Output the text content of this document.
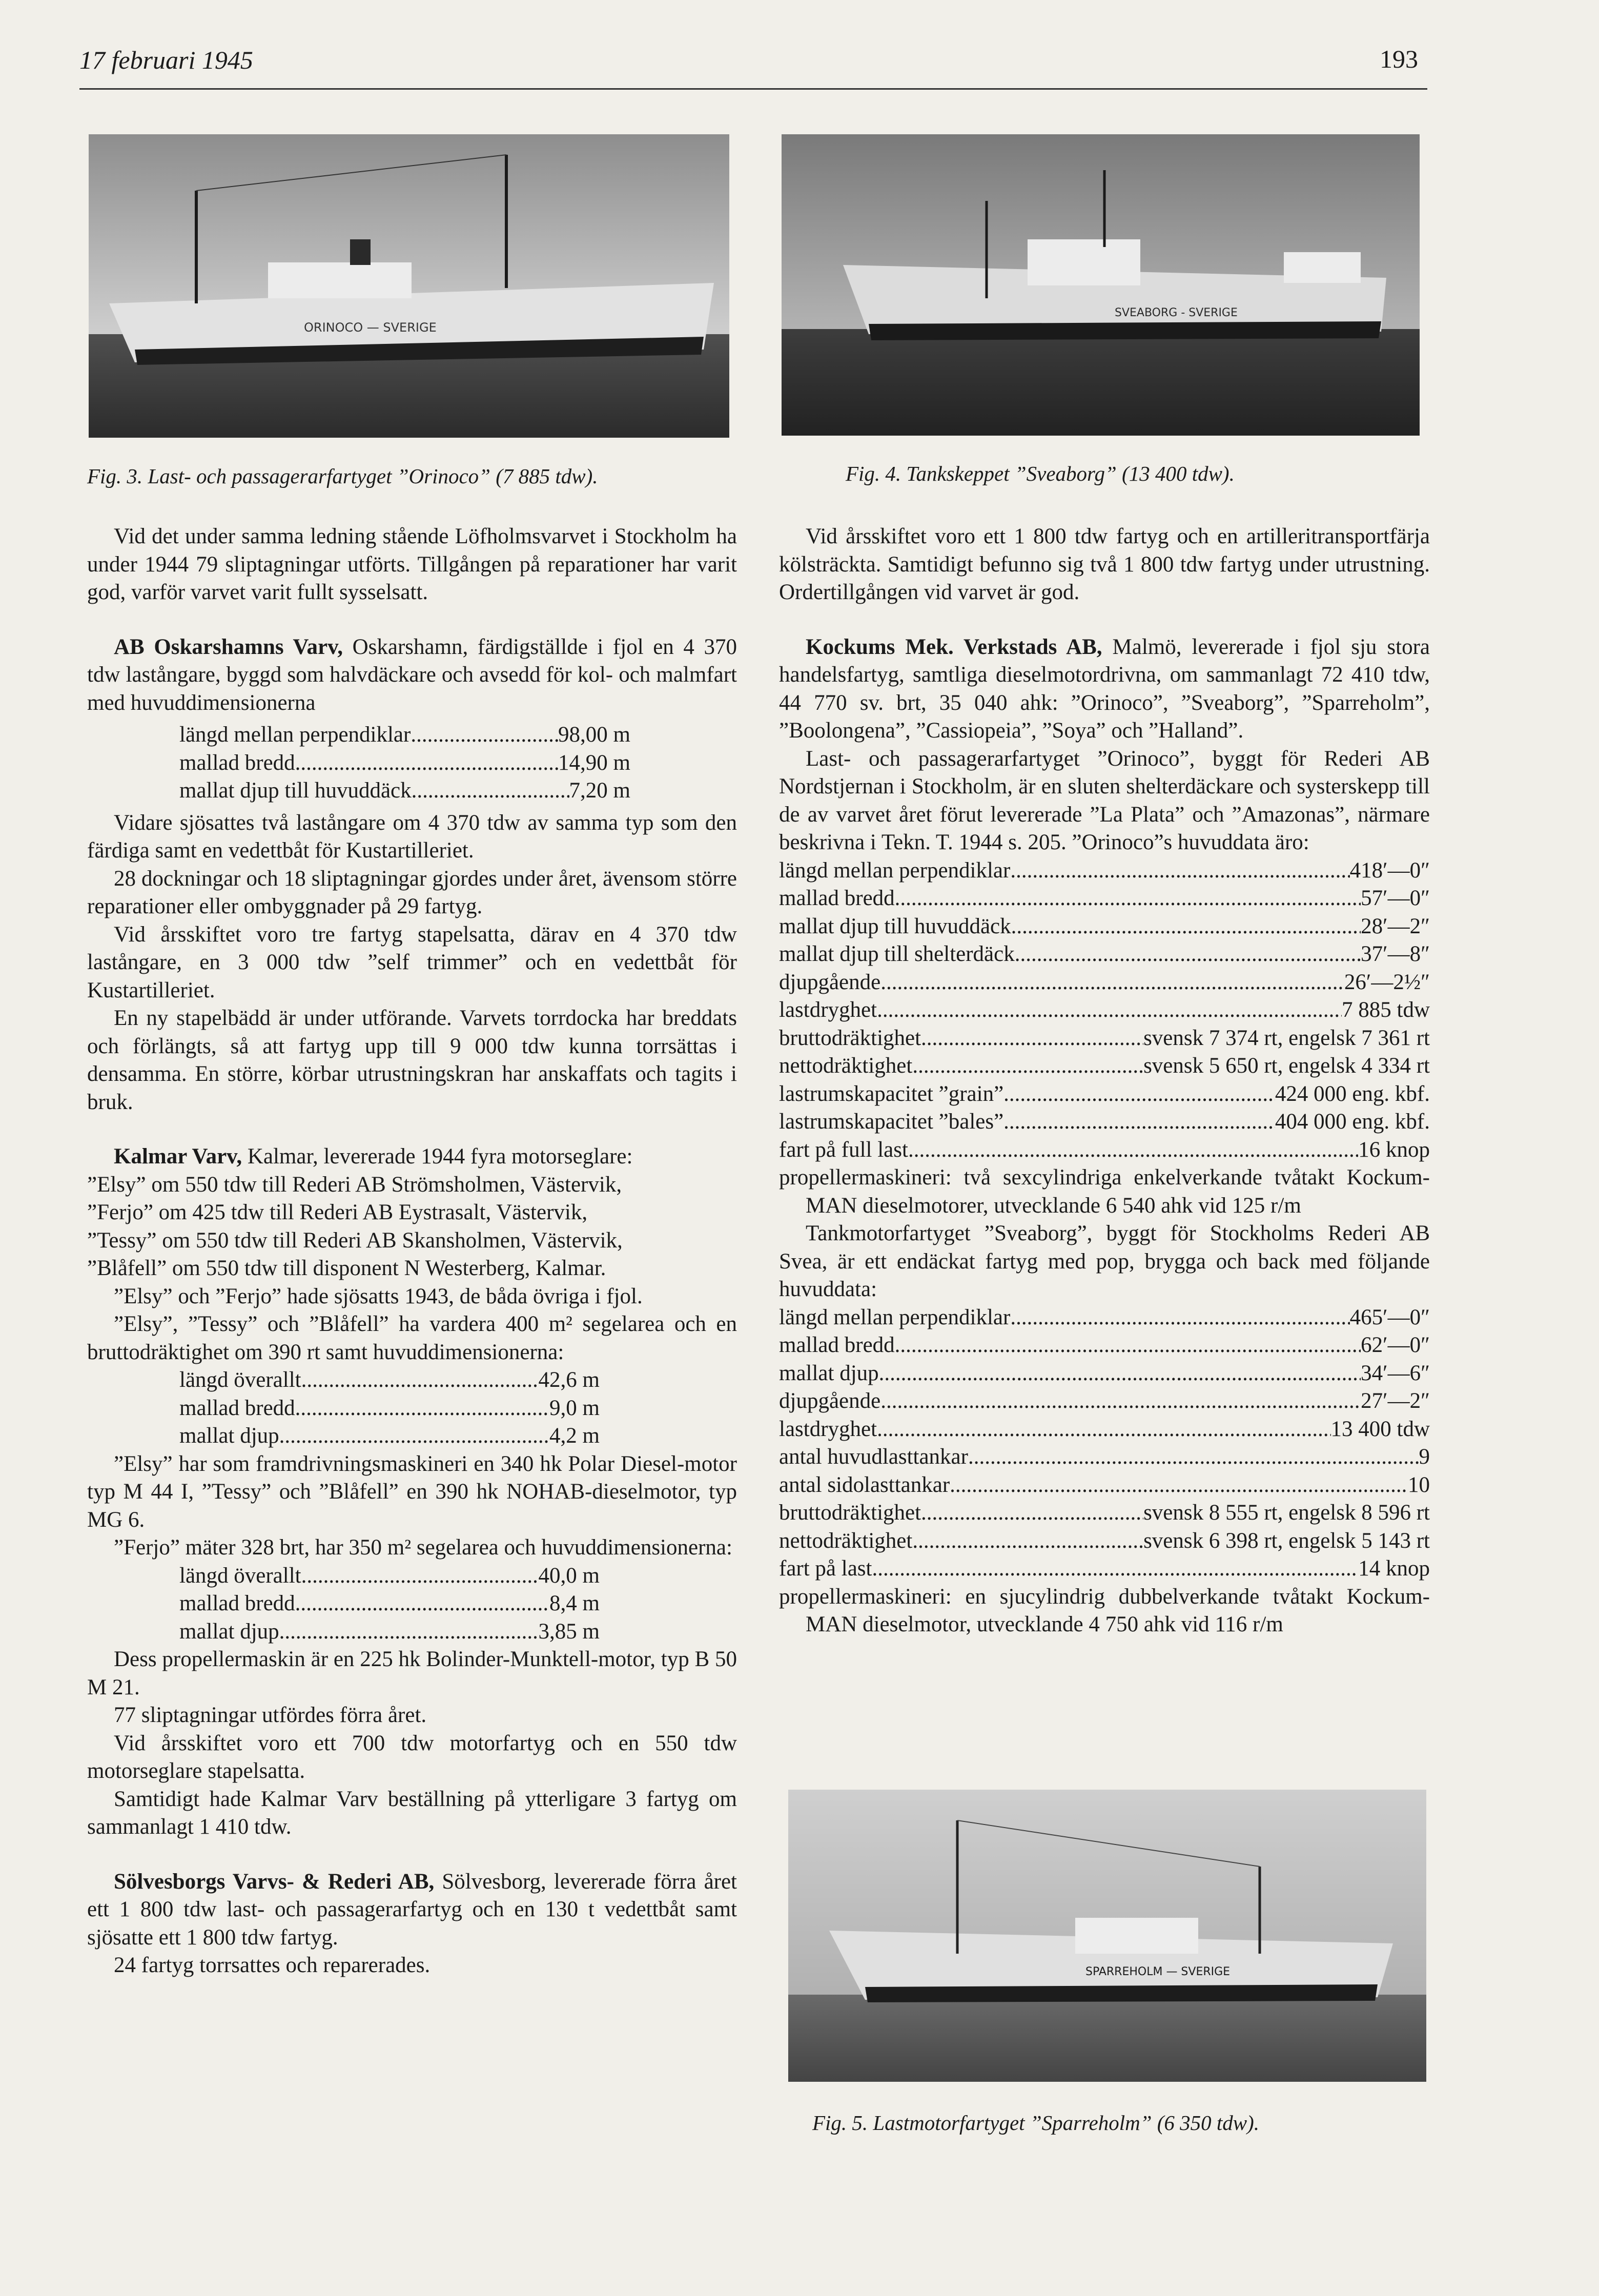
17 februari 1945	193
ORINOCO — SVERIGE
Fig. 3. Last- och passagerarfartyget ”Orinoco” (7 885 tdw).
SVEABORG - SVERIGE
Fig. 4. Tankskeppet ”Sveaborg” (13 400 tdw).

Vid det under samma ledning stående Löfholmsvarvet i Stockholm ha under 1944 79 sliptagningar utförts. Tillgången på reparationer har varit god, varför varvet varit fullt sysselsatt.

AB Oskarshamns Varv, Oskarshamn, färdigställde i fjol en 4 370 tdw lastångare, byggd som halvdäckare och avsedd för kol- och malmfart med huvuddimensionerna

längd mellan perpendiklar .....	98,00 m
mallad bredd .....	14,90 m
mallat djup till huvuddäck .....	7,20 m

Vidare sjösattes två lastångare om 4 370 tdw av samma typ som den färdiga samt en vedettbåt för Kustartilleriet.

28 dockningar och 18 sliptagningar gjordes under året, ävensom större reparationer eller ombyggnader på 29 fartyg.

Vid årsskiftet voro tre fartyg stapelsatta, därav en 4 370 tdw lastångare, en 3 000 tdw ”self trimmer” och en vedettbåt för Kustartilleriet.

En ny stapelbädd är under utförande. Varvets torrdocka har breddats och förlängts, så att fartyg upp till 9 000 tdw kunna torrsättas i densamma. En större, körbar utrustningskran har anskaffats och tagits i bruk.

Kalmar Varv, Kalmar, levererade 1944 fyra motorseglare:

”Elsy” om 550 tdw till Rederi AB Strömsholmen, Västervik,

”Ferjo” om 425 tdw till Rederi AB Eystrasalt, Västervik,

”Tessy” om 550 tdw till Rederi AB Skansholmen, Västervik,

”Blåfell” om 550 tdw till disponent N Westerberg, Kalmar.

”Elsy” och ”Ferjo” hade sjösatts 1943, de båda övriga i fjol.

”Elsy”, ”Tessy” och ”Blåfell” ha vardera 400 m² segelarea och en bruttodräktighet om 390 rt samt huvuddimensionerna:

längd överallt .....	42,6 m
mallad bredd .....	9,0 m
mallat djup .....	4,2 m

”Elsy” har som framdrivningsmaskineri en 340 hk Polar Diesel-motor typ M 44 I, ”Tessy” och ”Blåfell” en 390 hk NOHAB-dieselmotor, typ MG 6.

”Ferjo” mäter 328 brt, har 350 m² segelarea och huvuddimensionerna:

längd överallt .....	40,0 m
mallad bredd .....	8,4 m
mallat djup .....	3,85 m

Dess propellermaskin är en 225 hk Bolinder-Munktell-motor, typ B 50 M 21.

77 sliptagningar utfördes förra året.

Vid årsskiftet voro ett 700 tdw motorfartyg och en 550 tdw motorseglare stapelsatta.

Samtidigt hade Kalmar Varv beställning på ytterligare 3 fartyg om sammanlagt 1 410 tdw.

Sölvesborgs Varvs- & Rederi AB, Sölvesborg, levererade förra året ett 1 800 tdw last- och passagerarfartyg och en 130 t vedettbåt samt sjösatte ett 1 800 tdw fartyg.

24 fartyg torrsattes och reparerades.

Vid årsskiftet voro ett 1 800 tdw fartyg och en artilleritransportfärja kölsträckta. Samtidigt befunno sig två 1 800 tdw fartyg under utrustning. Ordertillgången vid varvet är god.

Kockums Mek. Verkstads AB, Malmö, levererade i fjol sju stora handelsfartyg, samtliga dieselmotordrivna, om sammanlagt 72 410 tdw, 44 770 sv. brt, 35 040 ahk: ”Orinoco”, ”Sveaborg”, ”Sparreholm”, ”Boolongena”, ”Cassiopeia”, ”Soya” och ”Halland”.

Last- och passagerarfartyget ”Orinoco”, byggt för Rederi AB Nordstjernan i Stockholm, är en sluten shelterdäckare och systerskepp till de av varvet året förut levererade ”La Plata” och ”Amazonas”, närmare beskrivna i Tekn. T. 1944 s. 205. ”Orinoco”s huvuddata äro:

längd mellan perpendiklar .....	418′—0″
mallad bredd .....	57′—0″
mallat djup till huvuddäck .....	28′—2″
mallat djup till shelterdäck .....	37′—8″
djupgående .....	26′—2½″
lastdryghet .....	7 885 tdw
bruttodräktighet .....	svensk 7 374 rt, engelsk 7 361 rt
nettodräktighet .....	svensk 5 650 rt, engelsk 4 334 rt
lastrumskapacitet ”grain” .....	424 000 eng. kbf.
lastrumskapacitet ”bales” .....	404 000 eng. kbf.
fart på full last .....	16 knop

propellermaskineri: två sexcylindriga enkelverkande tvåtakt Kockum-MAN dieselmotorer, utvecklande 6 540 ahk vid 125 r/m

Tankmotorfartyget ”Sveaborg”, byggt för Stockholms Rederi AB Svea, är ett endäckat fartyg med pop, brygga och back med följande huvuddata:

längd mellan perpendiklar .....	465′—0″
mallad bredd .....	62′—0″
mallat djup .....	34′—6″
djupgående .....	27′—2″
lastdryghet .....	13 400 tdw
antal huvudlasttankar .....	9
antal sidolasttankar .....	10
bruttodräktighet .....	svensk 8 555 rt, engelsk 8 596 rt
nettodräktighet .....	svensk 6 398 rt, engelsk 5 143 rt
fart på last .....	14 knop

propellermaskineri: en sjucylindrig dubbelverkande tvåtakt Kockum-MAN dieselmotor, utvecklande 4 750 ahk vid 116 r/m

SPARREHOLM — SVERIGE
Fig. 5. Lastmotorfartyget ”Sparreholm” (6 350 tdw).
